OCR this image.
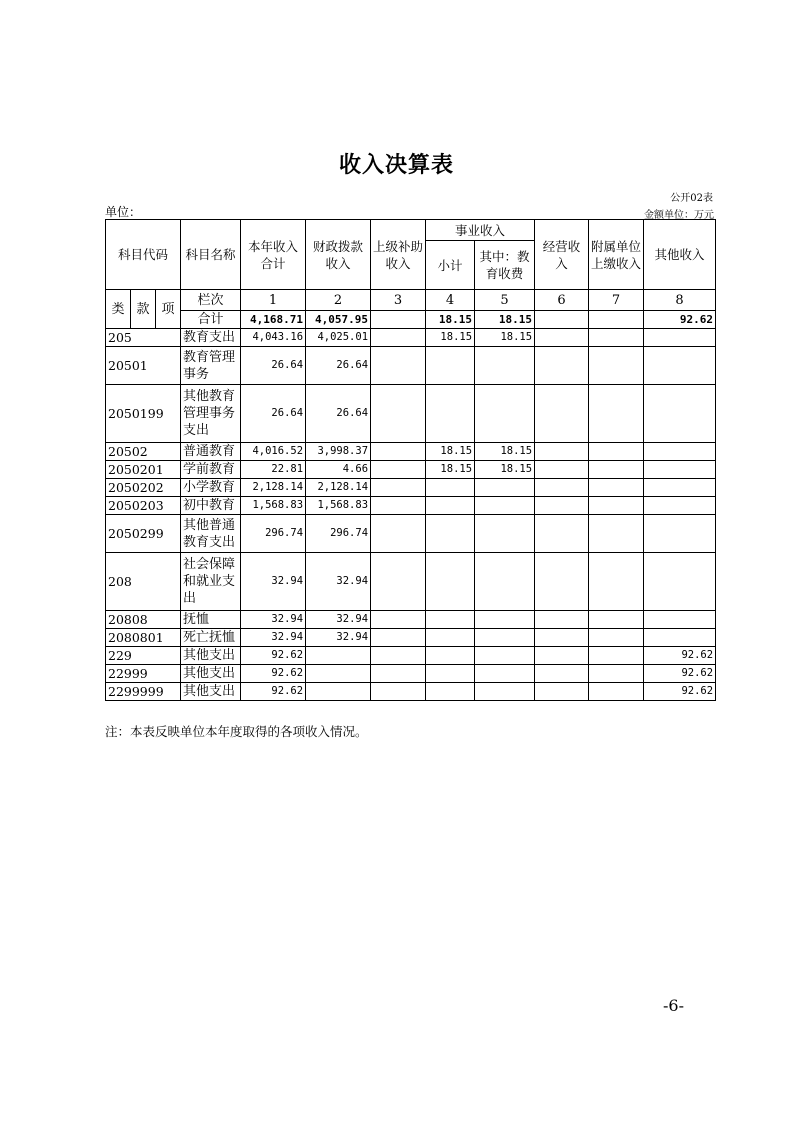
收入决算表
公开02表
单位：	金额单位：万元
科目代码			科目名称	本年收入合计	财政拨款收入	上级补助收入	事业收入		经营收入	附属单位上缴收入	其他收入
							小计	其中：教育收费			
类	款	项	栏次	1	2	3	4	5	6	7	8
			合计	4,168.71	4,057.95		18.15	18.15			92.62
205			教育支出	4,043.16	4,025.01		18.15	18.15			
20501			教育管理事务	26.64	26.64						
2050199			其他教育管理事务支出	26.64	26.64						
20502			普通教育	4,016.52	3,998.37		18.15	18.15			
2050201			学前教育	22.81	4.66		18.15	18.15			
2050202			小学教育	2,128.14	2,128.14						
2050203			初中教育	1,568.83	1,568.83						
2050299			其他普通教育支出	296.74	296.74						
208			社会保障和就业支出	32.94	32.94						
20808			抚恤	32.94	32.94						
2080801			死亡抚恤	32.94	32.94						
229			其他支出	92.62							92.62
22999			其他支出	92.62							92.62
2299999			其他支出	92.62							92.62
注：本表反映单位本年度取得的各项收入情况。
-6-
